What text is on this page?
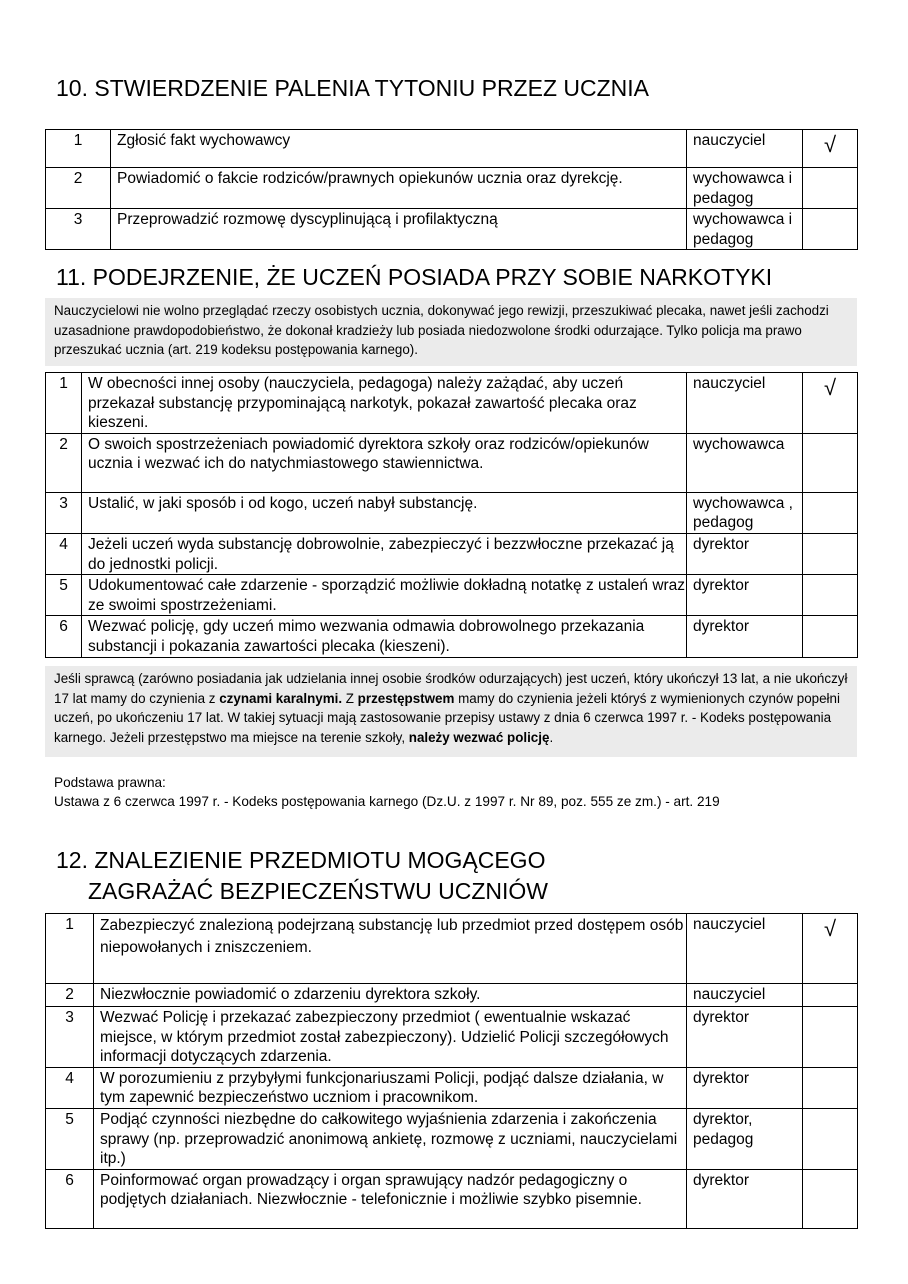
10. STWIERDZENIE PALENIA TYTONIU PRZEZ UCZNIA
1	Zgłosić fakt wychowawcy	nauczyciel	√
2	Powiadomić o fakcie rodziców/prawnych opiekunów ucznia oraz dyrekcję.	wychowawca i pedagog	
3	Przeprowadzić rozmowę dyscyplinującą i profilaktyczną	wychowawca i pedagog	
11. PODEJRZENIE, ŻE UCZEŃ POSIADA PRZY SOBIE NARKOTYKI
Nauczycielowi nie wolno przeglądać rzeczy osobistych ucznia, dokonywać jego rewizji, przeszukiwać plecaka, nawet jeśli zachodzi uzasadnione prawdopodobieństwo, że dokonał kradzieży lub posiada niedozwolone środki odurzające. Tylko policja ma prawo przeszukać ucznia (art. 219 kodeksu postępowania karnego).
1	W obecności innej osoby (nauczyciela, pedagoga) należy zażądać, aby uczeń przekazał substancję przypominającą narkotyk, pokazał zawartość plecaka oraz kieszeni.	nauczyciel	√
2	O swoich spostrzeżeniach powiadomić dyrektora szkoły oraz rodziców/opiekunów ucznia i wezwać ich do natychmiastowego stawiennictwa.	wychowawca	
3	Ustalić, w jaki sposób i od kogo, uczeń nabył substancję.	wychowawca , pedagog	
4	Jeżeli uczeń wyda substancję dobrowolnie, zabezpieczyć i bezzwłoczne przekazać ją do jednostki policji.	dyrektor	
5	Udokumentować całe zdarzenie - sporządzić możliwie dokładną notatkę z ustaleń wraz ze swoimi spostrzeżeniami.	dyrektor	
6	Wezwać policję, gdy uczeń mimo wezwania odmawia dobrowolnego przekazania substancji i pokazania zawartości plecaka (kieszeni).	dyrektor	
Jeśli sprawcą (zarówno posiadania jak udzielania innej osobie środków odurzających) jest uczeń, który ukończył 13 lat, a nie ukończył 17 lat mamy do czynienia z czynami karalnymi. Z przestępstwem mamy do czynienia jeżeli któryś z wymienionych czynów popełni uczeń, po ukończeniu 17 lat. W takiej sytuacji mają zastosowanie przepisy ustawy z dnia 6 czerwca 1997 r. - Kodeks postępowania karnego. Jeżeli przestępstwo ma miejsce na terenie szkoły, należy wezwać policję.
Podstawa prawna:
Ustawa z 6 czerwca 1997 r. - Kodeks postępowania karnego (Dz.U. z 1997 r. Nr 89, poz. 555 ze zm.) - art. 219
12. ZNALEZIENIE PRZEDMIOTU MOGĄCEGO
ZAGRAŻAĆ BEZPIECZEŃSTWU UCZNIÓW
1	Zabezpieczyć znalezioną podejrzaną substancję lub przedmiot przed dostępem osób niepowołanych i zniszczeniem.	nauczyciel	√
2	Niezwłocznie powiadomić o zdarzeniu dyrektora szkoły.	nauczyciel	
3	Wezwać Policję i przekazać zabezpieczony przedmiot ( ewentualnie wskazać miejsce, w którym przedmiot został zabezpieczony). Udzielić Policji szczegółowych informacji dotyczących zdarzenia.	dyrektor	
4	W porozumieniu z przybyłymi funkcjonariuszami Policji, podjąć dalsze działania, w tym zapewnić bezpieczeństwo uczniom i pracownikom.	dyrektor	
5	Podjąć czynności niezbędne do całkowitego wyjaśnienia zdarzenia i zakończenia sprawy (np. przeprowadzić anonimową ankietę, rozmowę z uczniami, nauczycielami itp.)	dyrektor, pedagog	
6	Poinformować organ prowadzący i organ sprawujący nadzór pedagogiczny o podjętych działaniach. Niezwłocznie - telefonicznie i możliwie szybko pisemnie.	dyrektor	
